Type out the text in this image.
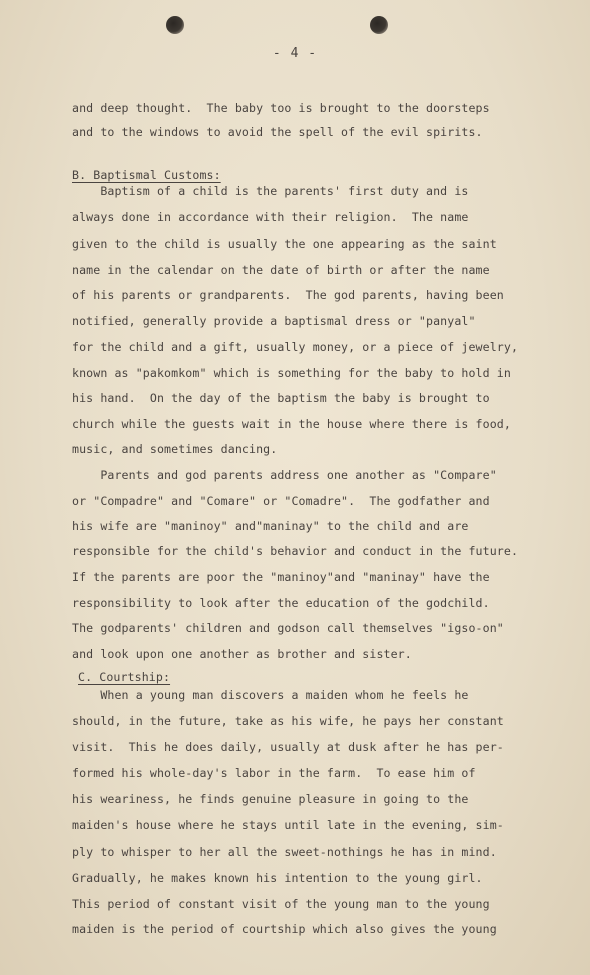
- 4 -
and deep thought.  The baby too is brought to the doorsteps
and to the windows to avoid the spell of the evil spirits.
B. Baptismal Customs:
Baptism of a child is the parents' first duty and is
always done in accordance with their religion.  The name
given to the child is usually the one appearing as the saint
name in the calendar on the date of birth or after the name
of his parents or grandparents.  The god parents, having been
notified, generally provide a baptismal dress or "panyal"
for the child and a gift, usually money, or a piece of jewelry,
known as "pakomkom" which is something for the baby to hold in
his hand.  On the day of the baptism the baby is brought to
church while the guests wait in the house where there is food,
music, and sometimes dancing.
Parents and god parents address one another as "Compare"
or "Compadre" and "Comare" or "Comadre".  The godfather and
his wife are "maninoy" and"maninay" to the child and are
responsible for the child's behavior and conduct in the future.
If the parents are poor the "maninoy"and "maninay" have the
responsibility to look after the education of the godchild.
The godparents' children and godson call themselves "igso-on"
and look upon one another as brother and sister.
C. Courtship:
When a young man discovers a maiden whom he feels he
should, in the future, take as his wife, he pays her constant
visit.  This he does daily, usually at dusk after he has per-
formed his whole-day's labor in the farm.  To ease him of
his weariness, he finds genuine pleasure in going to the
maiden's house where he stays until late in the evening, sim-
ply to whisper to her all the sweet-nothings he has in mind.
Gradually, he makes known his intention to the young girl.
This period of constant visit of the young man to the young
maiden is the period of courtship which also gives the young
